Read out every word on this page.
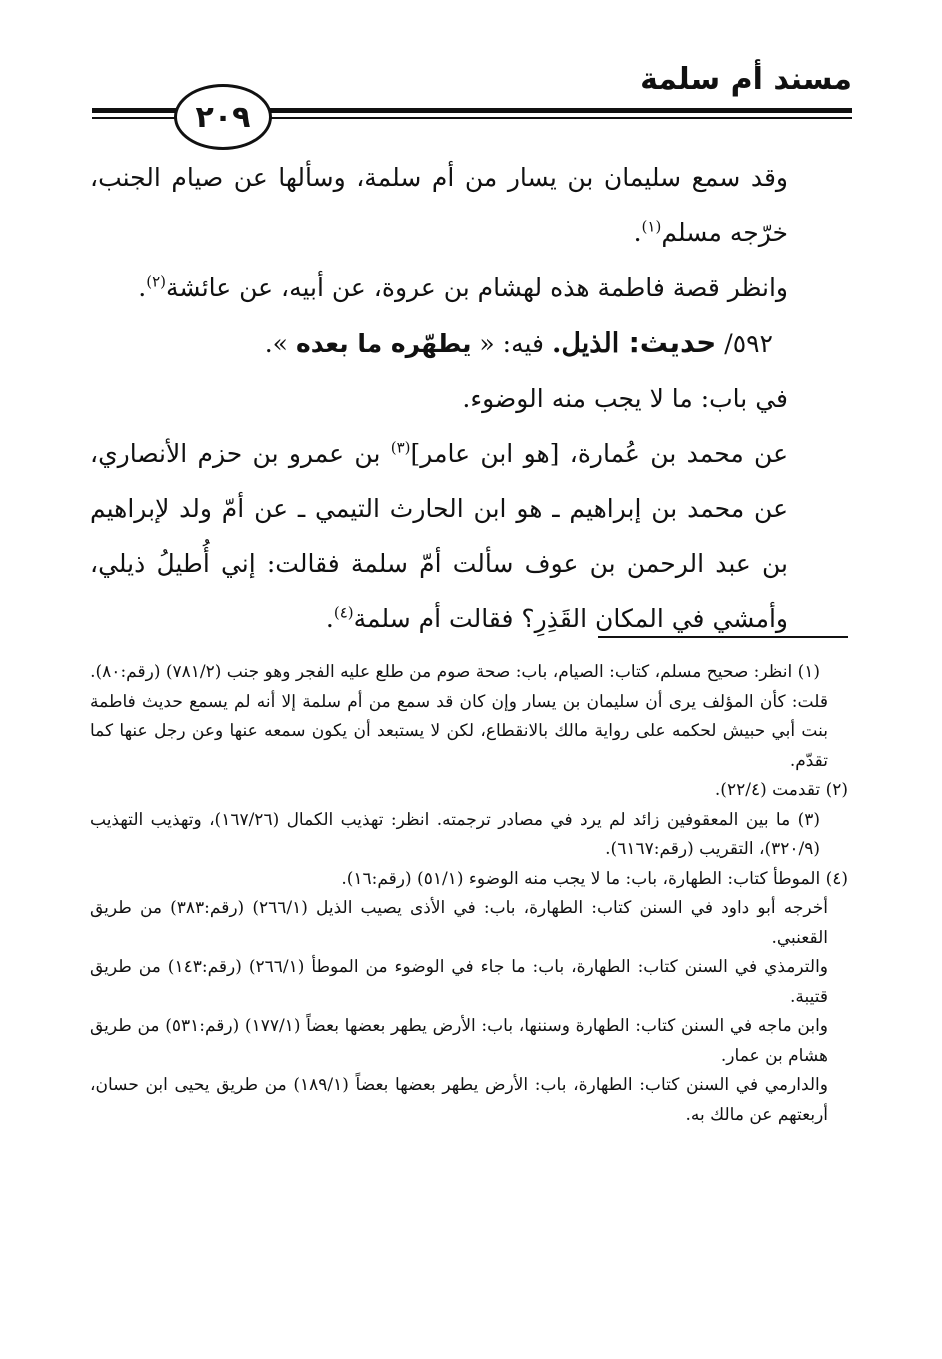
مسند أم سلمة
٢٠٩

وقد سمع سليمان بن يسار من أم سلمة، وسألها عن صيام الجنب، خرّجه مسلم$^{(١)}$.

وانظر قصة فاطمة هذه لهشام بن عروة، عن أبيه، عن عائشة$^{(٢)}$.

٥٩٢/ حديث: الذيل. فيه: « يطهّره ما بعده ».

في باب: ما لا يجب منه الوضوء.

عن محمد بن عُمارة، [هو ابن عامر]$^{(٣)}$ بن عمرو بن حزم الأنصاري، عن محمد بن إبراهيم ـ هو ابن الحارث التيمي ـ عن أمّ ولد لإبراهيم بن عبد الرحمن بن عوف سألت أمّ سلمة فقالت: إني أُطيلُ ذيلي، وأمشي في المكان القَذِرِ؟ فقالت أم سلمة$^{(٤)}$.

(١) انظر: صحيح مسلم، كتاب: الصيام، باب: صحة صوم من طلع عليه الفجر وهو جنب (٧٨١/٢) (رقم:٨٠).

قلت: كأن المؤلف يرى أن سليمان بن يسار وإن كان قد سمع من أم سلمة إلا أنه لم يسمع حديث فاطمة بنت أبي حبيش لحكمه على رواية مالك بالانقطاع، لكن لا يستبعد أن يكون سمعه عنها وعن رجل عنها كما تقدّم.

(٢) تقدمت (٢٢/٤).

(٣) ما بين المعقوفين زائد لم يرد في مصادر ترجمته. انظر: تهذيب الكمال (١٦٧/٢٦)، وتهذيب التهذيب (٣٢٠/٩)، التقريب (رقم:٦١٦٧).

(٤) الموطأ كتاب: الطهارة، باب: ما لا يجب منه الوضوء (٥١/١) (رقم:١٦).

أخرجه أبو داود في السنن كتاب: الطهارة، باب: في الأذى يصيب الذيل (٢٦٦/١) (رقم:٣٨٣) من طريق القعنبي.

والترمذي في السنن كتاب: الطهارة، باب: ما جاء في الوضوء من الموطأ (٢٦٦/١) (رقم:١٤٣) من طريق قتيبة.

وابن ماجه في السنن كتاب: الطهارة وسننها، باب: الأرض يطهر بعضها بعضاً (١٧٧/١) (رقم:٥٣١) من طريق هشام بن عمار.

والدارمي في السنن كتاب: الطهارة، باب: الأرض يطهر بعضها بعضاً (١٨٩/١) من طريق يحيى ابن حسان، أربعتهم عن مالك به.
